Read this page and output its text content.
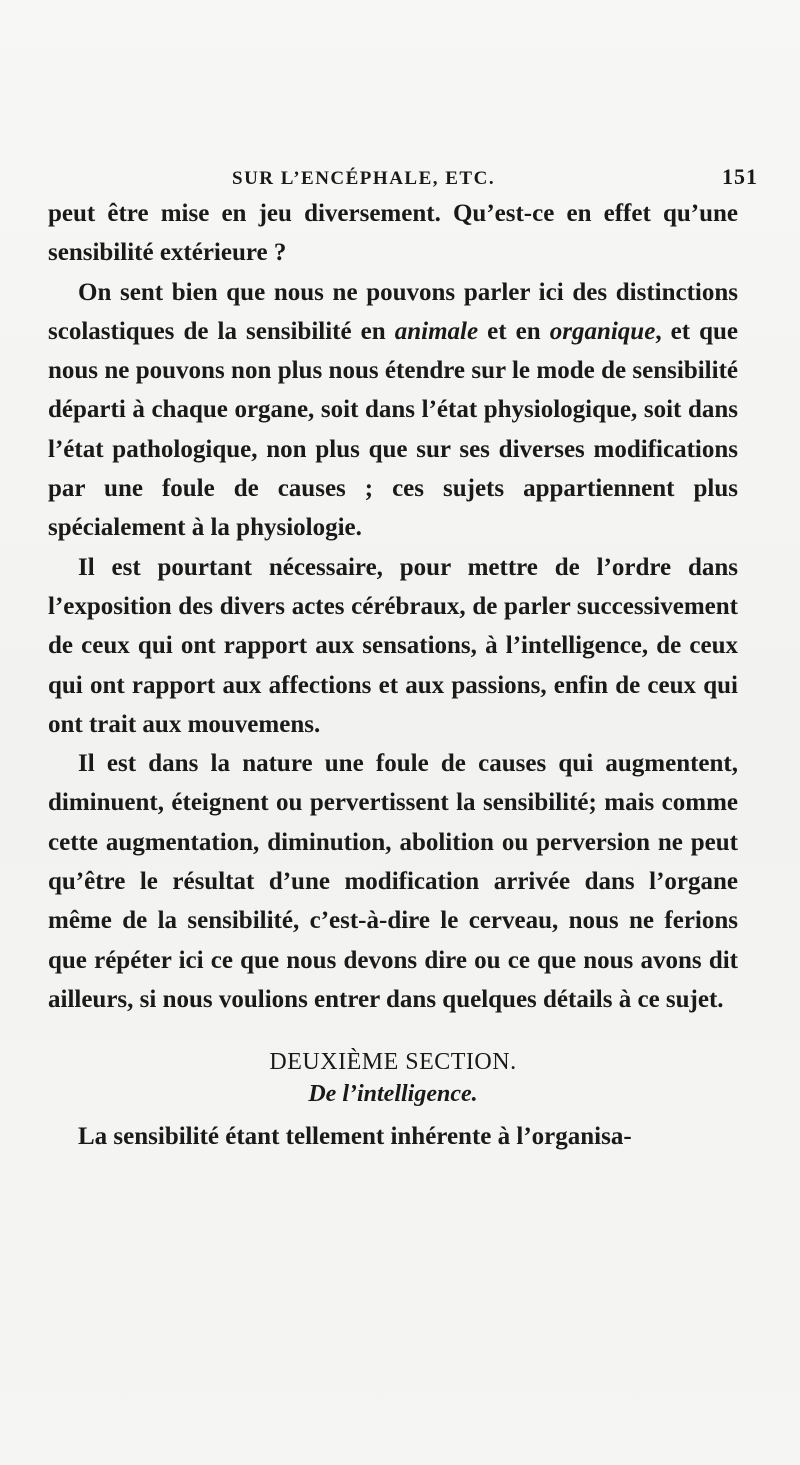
SUR L’ENCÉPHALE, ETC.	151

peut être mise en jeu diversement. Qu’est-ce en effet qu’une sensibilité extérieure ?

On sent bien que nous ne pouvons parler ici des distinctions scolastiques de la sensibilité en animale et en organique, et que nous ne pouvons non plus nous étendre sur le mode de sensibilité départi à chaque organe, soit dans l’état physiologique, soit dans l’état pathologique, non plus que sur ses diverses modifications par une foule de causes ; ces sujets appartiennent plus spécialement à la physiologie.

Il est pourtant nécessaire, pour mettre de l’ordre dans l’exposition des divers actes cérébraux, de parler successivement de ceux qui ont rapport aux sensations, à l’intelligence, de ceux qui ont rapport aux affections et aux passions, enfin de ceux qui ont trait aux mouvemens.

Il est dans la nature une foule de causes qui augmentent, diminuent, éteignent ou pervertissent la sensibilité; mais comme cette augmentation, diminution, abolition ou perversion ne peut qu’être le résultat d’une modification arrivée dans l’organe même de la sensibilité, c’est-à-dire le cerveau, nous ne ferions que répéter ici ce que nous devons dire ou ce que nous avons dit ailleurs, si nous voulions entrer dans quelques détails à ce sujet.

DEUXIÈME SECTION.
De l’intelligence.

La sensibilité étant tellement inhérente à l’organisa-
